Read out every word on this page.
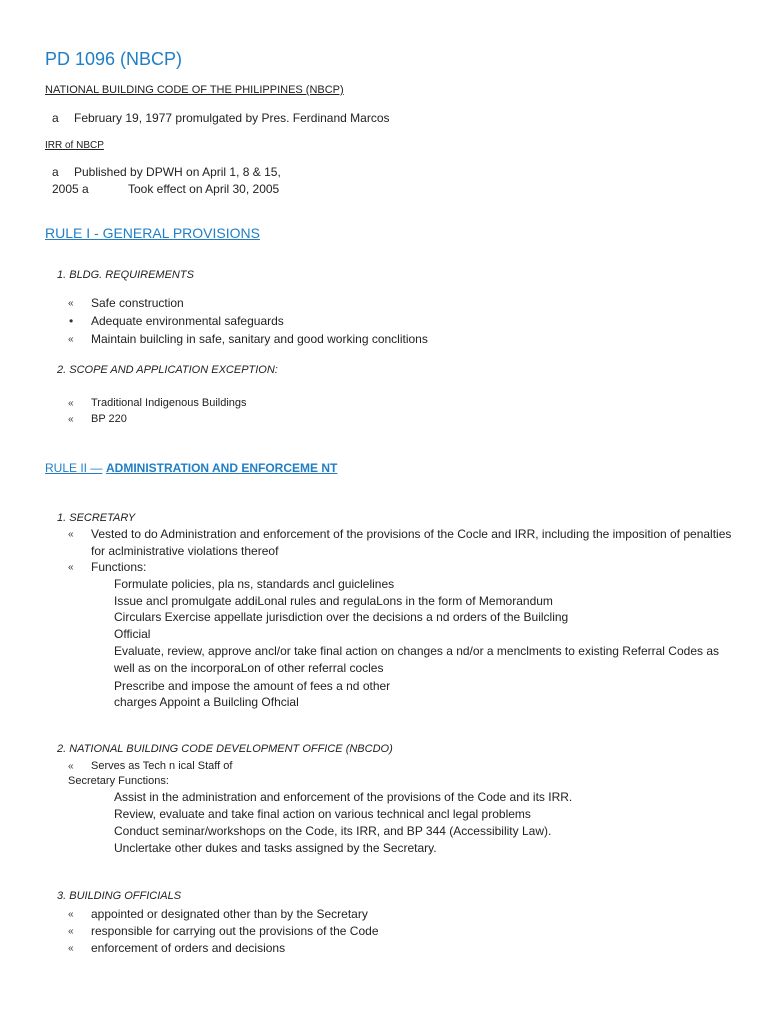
PD 1096 (NBCP)
NATIONAL BUILDING CODE OF THE PHILIPPINES (NBCP)
a February 19, 1977 promulgated by Pres. Ferdinand Marcos
IRR of NBCP
a Published by DPWH on April 1, 8 & 15,
2005 a	Took effect on April 30, 2005
RULE I - GENERAL PROVISIONS
1. BLDG. REQUIREMENTS
« Safe construction
• Adequate environmental safeguards
« Maintain builcling in safe, sanitary and good working conclitions
2. SCOPE AND APPLICATION EXCEPTION:
« Traditional Indigenous Buildings
« BP 220
RULE II — ADMINISTRATION AND ENFORCEME NT
1. SECRETARY
« Vested to do Administration and enforcement of the provisions of the Cocle and IRR, including the imposition of penalties
for aclministrative violations thereof
« Functions:
Formulate policies, pla ns, standards ancl guiclelines
Issue ancl promulgate addiLonal rules and regulaLons in the form of Memorandum
Circulars Exercise appellate jurisdiction over the decisions a nd orders of the Builcling
Official
Evaluate, review, approve ancl/or take final action on changes a nd/or a menclments to existing Referral Codes as
well as on the incorporaLon of other referral cocles
Prescribe and impose the amount of fees a nd other
charges Appoint a Builcling Ofhcial
2. NATIONAL BUILDING CODE DEVELOPMENT OFFICE (NBCDO)
« Serves as Tech n ical Staff of
Secretary Functions:
Assist in the administration and enforcement of the provisions of the Code and its IRR.
Review, evaluate and take final action on various technical ancl legal problems
Conduct seminar/workshops on the Code, its IRR, and BP 344 (Accessibility Law).
Unclertake other dukes and tasks assigned by the Secretary.
3. BUILDING OFFICIALS
« appointed or designated other than by the Secretary
« responsible for carrying out the provisions of the Code
« enforcement of orders and decisions
